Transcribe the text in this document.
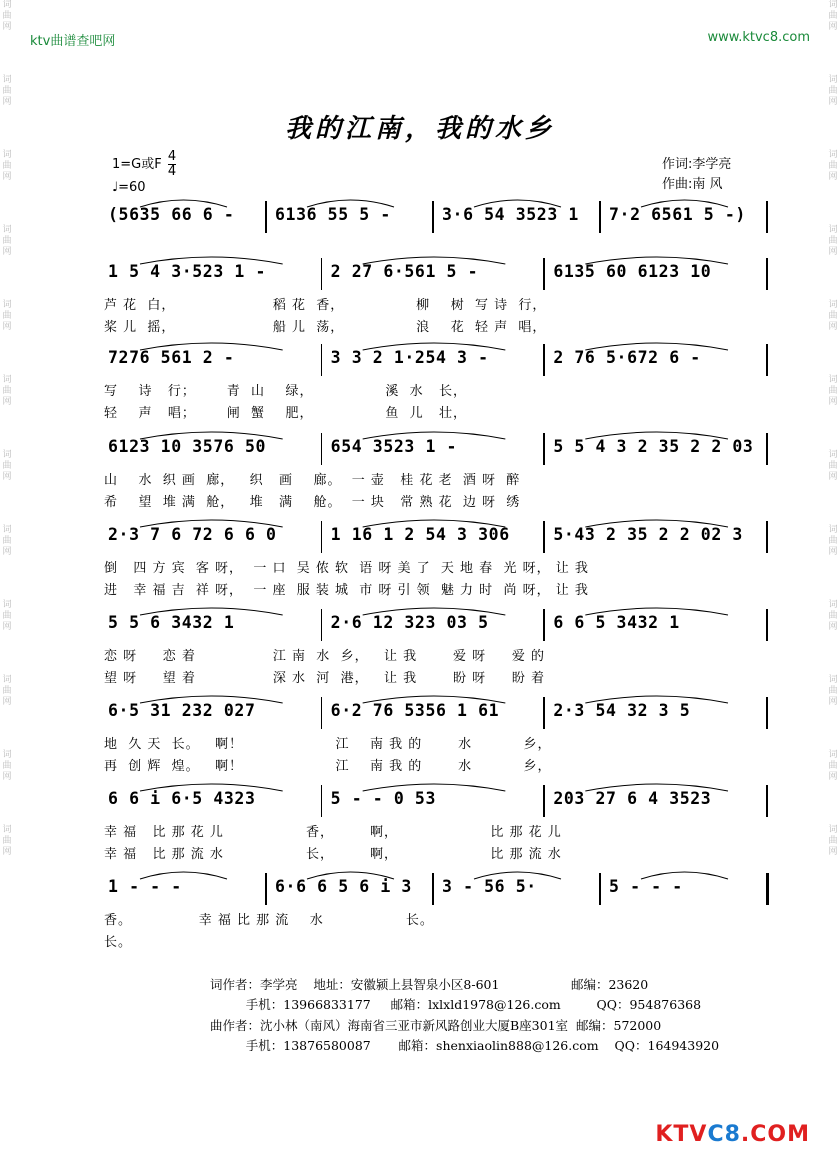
词曲网
词曲网
词曲网
词曲网
词曲网
词曲网
词曲网
词曲网
词曲网
词曲网
词曲网
词曲网
词曲网
词曲网
词曲网
词曲网
词曲网
词曲网
词曲网
词曲网
词曲网
词曲网
词曲网
词曲网
ktv曲谱查吧网	www.ktvc8.com
我的江南，我的水乡
1=G或F $\frac{4}{4}$
♩=60
作词:李学亮
作曲:南 风
(5635 66 6 -	6136 55 5 -	3·6 54 3523 1	7·2 6561 5 -)
1 5 4 3·523 1 -	2 27 6·561 5 -	6135 60 6123 10
芦 花  白，                   稻 花  香，              柳    树  写 诗  行，
桨 儿  摇，                   船 儿  荡，              浪    花  轻 声  唱，
7276 561 2 -	3 3 2 1·254 3 -	2 76 5·672 6 -
写    诗   行；      青  山    绿，              溪  水   长，
轻    声   唱；      闸  蟹    肥，              鱼  儿   壮，
6123 10 3576 50	654 3523 1 -	5 5 4 3 2 35 2 2 03
山    水  织 画  廊，   织   画    廊。  一 壶   桂 花 老  酒 呀  醉
希    望  堆 满  舱，   堆   满    舱。  一 块   常 熟 花  边 呀  绣
2·3 7 6 72 6 6 0	1 16 1 2 54 3 306	5·43 2 35 2 2 02 3
倒   四 方 宾  客 呀，  一 口  吴 侬 软  语 呀 美 了  天 地 春  光 呀， 让 我
进   幸 福 吉  祥 呀，  一 座  服 装 城  市 呀 引 领  魅 力 时  尚 呀， 让 我
5 5 6 3432 1	2·6 12 323 03 5	6 6 5 3432 1
恋 呀     恋 着               江 南  水  乡，   让 我       爱 呀     爱 的
望 呀     望 着               深 水  河  港，   让 我       盼 呀     盼 着
6·5 31 232 027	6·2 76 5356 1 61	2·3 54 32 3 5
地  久 天  长。   啊！                  江    南 我 的       水          乡，
再  创 辉  煌。   啊！                  江    南 我 的       水          乡，
6 6 i 6·5 4323	5 - - 0 53	203 27 6 4 3523
幸 福   比 那 花 儿                香，       啊，                  比 那 花 儿
幸 福   比 那 流 水                长，       啊，                  比 那 流 水
1 - - -	6·6 6 5 6 i 3	3 - 56 5·	5 - - -
香。             幸 福 比 那 流    水                长。
长。
词作者：李学亮    地址：安徽颍上县智泉小区8-601                  邮编：23620
手机：13966833177     邮箱：lxlxld1978@126.com         QQ：954876368
曲作者：沈小林（南风）海南省三亚市新风路创业大厦B座301室  邮编：572000
手机：13876580087       邮箱：shenxiaolin888@126.com    QQ：164943920
KTVC8.COM
